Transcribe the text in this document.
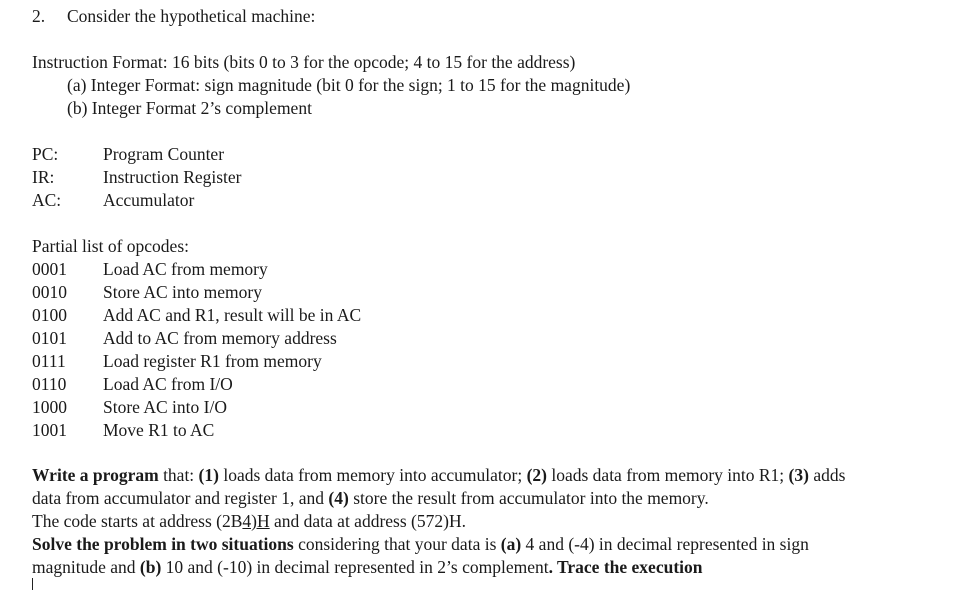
2. Consider the hypothetical machine:
Instruction Format: 16 bits (bits 0 to 3 for the opcode; 4 to 15 for the address)
(a) Integer Format: sign magnitude (bit 0 for the sign; 1 to 15 for the magnitude)
(b) Integer Format 2’s complement
PC:	Program Counter
IR:	Instruction Register
AC: Accumulator
Partial list of opcodes:
0001 Load AC from memory
0010 Store AC into memory
0100 Add AC and R1, result will be in AC
0101 Add to AC from memory address
0111 Load register R1 from memory
0110 Load AC from I/O
1000 Store AC into I/O
1001 Move R1 to AC
Write a program that: (1) loads data from memory into accumulator; (2) loads data from memory into R1; (3) adds
data from accumulator and register 1, and (4) store the result from accumulator into the memory.
The code starts at address (2B4)H and data at address (572)H.
Solve the problem in two situations considering that your data is (a) 4 and (-4) in decimal represented in sign
magnitude and (b) 10 and (-10) in decimal represented in 2’s complement. Trace the execution
